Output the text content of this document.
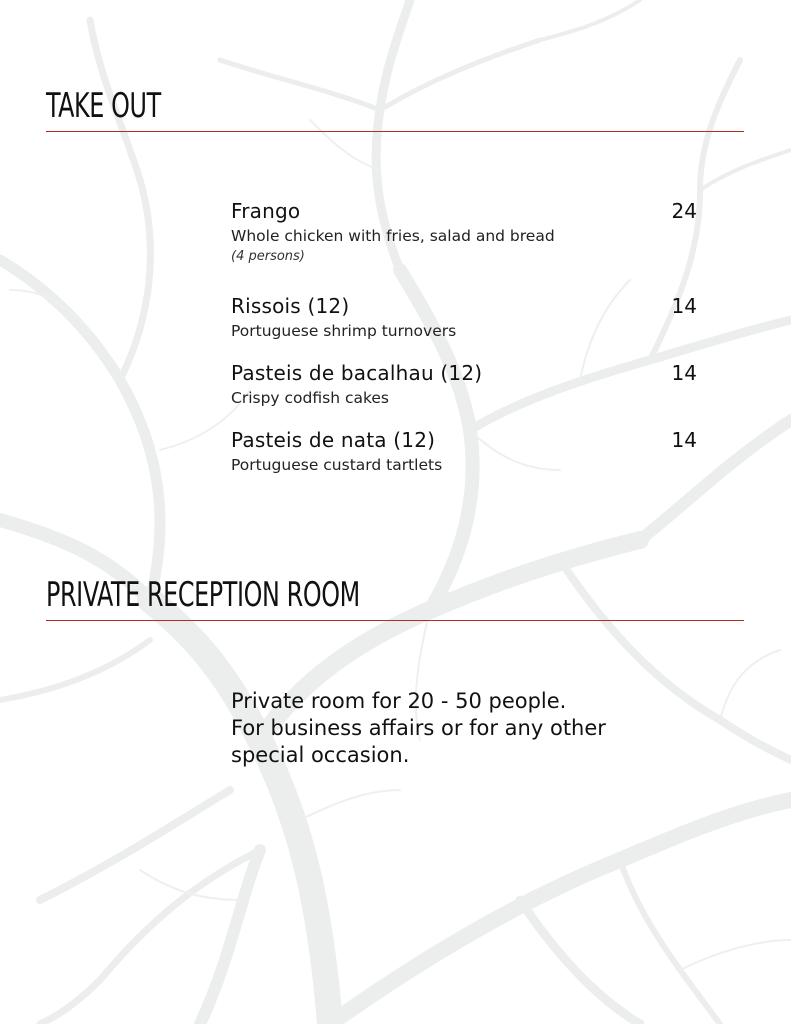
TAKE OUT
Frango	24
Whole chicken with fries, salad and bread
(4 persons)
Rissois (12)	14
Portuguese shrimp turnovers
Pasteis de bacalhau (12)	14
Crispy codfish cakes
Pasteis de nata (12)	14
Portuguese custard tartlets
PRIVATE RECEPTION ROOM

Private room for 20 - 50 people.

For business affairs or for any other

special occasion.
